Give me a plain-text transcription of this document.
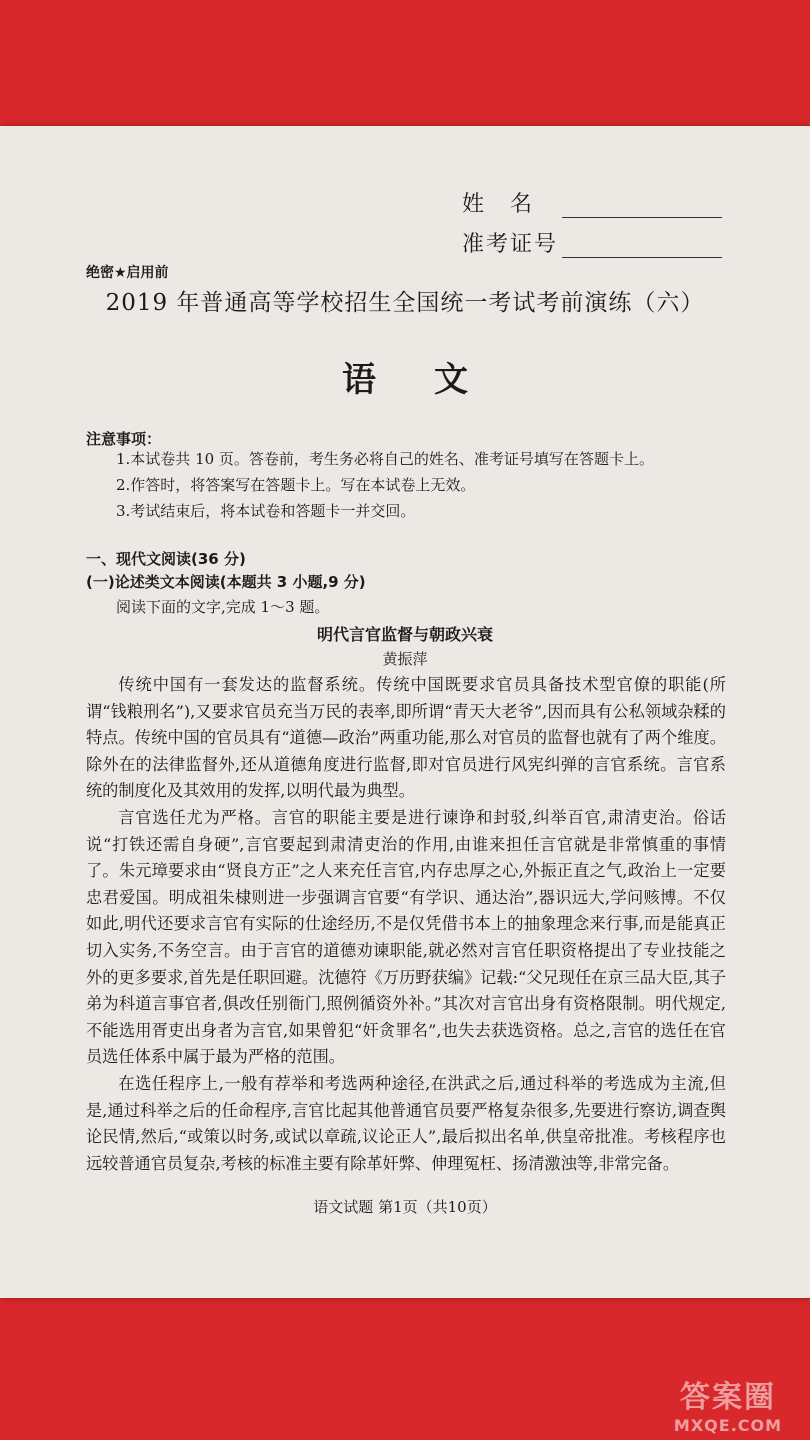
姓　名
准考证号
绝密★启用前
2019 年普通高等学校招生全国统一考试考前演练（六）
语文
注意事项：
1.本试卷共 10 页。答卷前，考生务必将自己的姓名、准考证号填写在答题卡上。
2.作答时，将答案写在答题卡上。写在本试卷上无效。
3.考试结束后，将本试卷和答题卡一并交回。
一、现代文阅读(36 分)
(一)论述类文本阅读(本题共 3 小题,9 分)
阅读下面的文字,完成 1～3 题。
明代言官监督与朝政兴衰
黄振萍

传统中国有一套发达的监督系统。传统中国既要求官员具备技术型官僚的职能(所谓“钱粮刑名”),又要求官员充当万民的表率,即所谓“青天大老爷”,因而具有公私领域杂糅的特点。传统中国的官员具有“道德—政治”两重功能,那么对官员的监督也就有了两个维度。除外在的法律监督外,还从道德角度进行监督,即对官员进行风宪纠弹的言官系统。言官系统的制度化及其效用的发挥,以明代最为典型。

言官选任尤为严格。言官的职能主要是进行谏诤和封驳,纠举百官,肃清吏治。俗话说“打铁还需自身硬”,言官要起到肃清吏治的作用,由谁来担任言官就是非常慎重的事情了。朱元璋要求由“贤良方正”之人来充任言官,内存忠厚之心,外振正直之气,政治上一定要忠君爱国。明成祖朱棣则进一步强调言官要“有学识、通达治”,器识远大,学问赅博。不仅如此,明代还要求言官有实际的仕途经历,不是仅凭借书本上的抽象理念来行事,而是能真正切入实务,不务空言。由于言官的道德劝谏职能,就必然对言官任职资格提出了专业技能之外的更多要求,首先是任职回避。沈德符《万历野获编》记载:“父兄现任在京三品大臣,其子弟为科道言事官者,俱改任别衙门,照例循资外补。”其次对言官出身有资格限制。明代规定,不能选用胥吏出身者为言官,如果曾犯“奸贪罪名”,也失去获选资格。总之,言官的选任在官员选任体系中属于最为严格的范围。

在选任程序上,一般有荐举和考选两种途径,在洪武之后,通过科举的考选成为主流,但是,通过科举之后的任命程序,言官比起其他普通官员要严格复杂很多,先要进行察访,调查舆论民情,然后,“或策以时务,或试以章疏,议论正人”,最后拟出名单,供皇帝批准。考核程序也远较普通官员复杂,考核的标准主要有除革奸弊、伸理冤枉、扬清激浊等,非常完备。

语文试题 第1页（共10页）
答案圈
MXQE.COM
